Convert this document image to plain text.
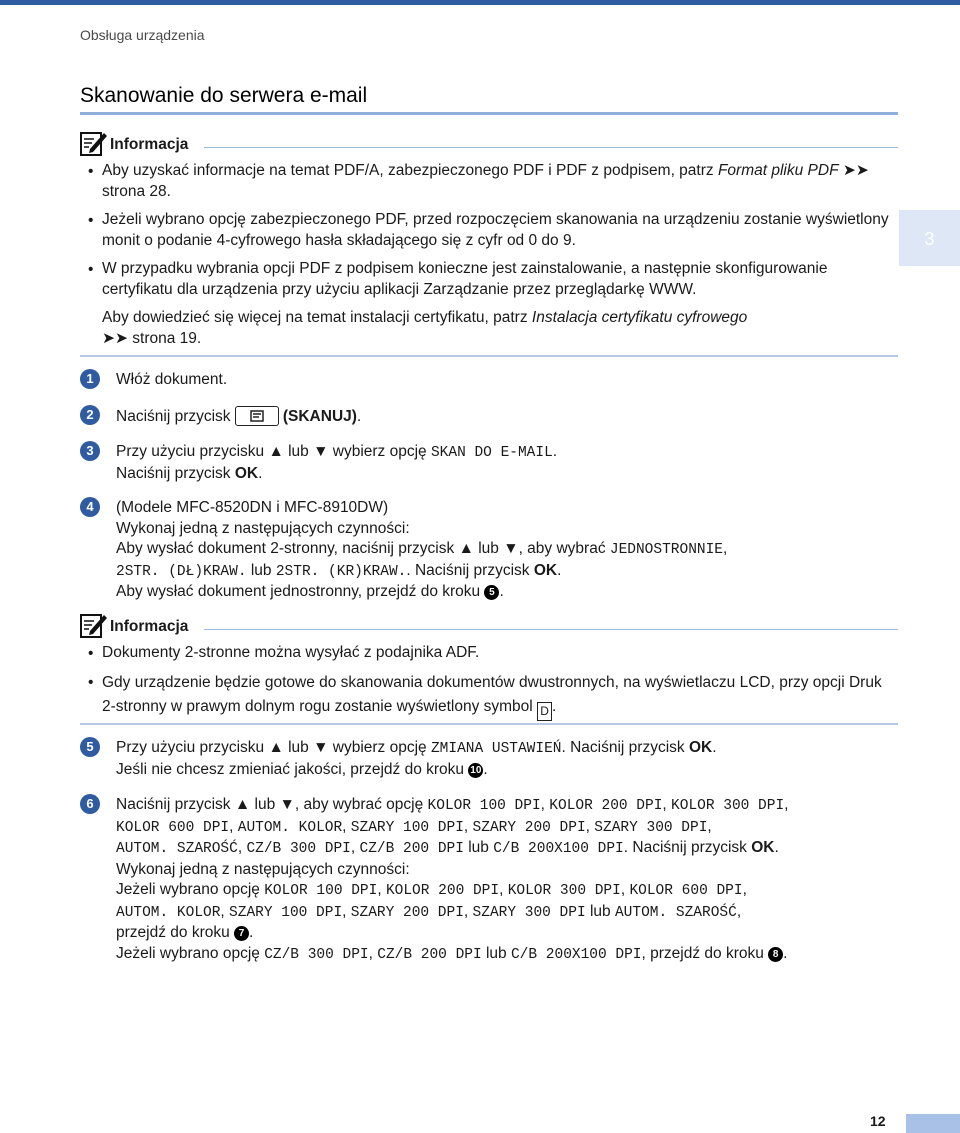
Obsługa urządzenia
Skanowanie do serwera e-mail
3
Informacja
• Aby uzyskać informacje na temat PDF/A, zabezpieczonego PDF i PDF z podpisem, patrz Format pliku PDF ➤➤ strona 28.
• Jeżeli wybrano opcję zabezpieczonego PDF, przed rozpoczęciem skanowania na urządzeniu zostanie wyświetlony monit o podanie 4-cyfrowego hasła składającego się z cyfr od 0 do 9.
• W przypadku wybrania opcji PDF z podpisem konieczne jest zainstalowanie, a następnie skonfigurowanie certyfikatu dla urządzenia przy użyciu aplikacji Zarządzanie przez przeglądarkę WWW.
Aby dowiedzieć się więcej na temat instalacji certyfikatu, patrz Instalacja certyfikatu cyfrowego
➤➤ strona 19.
1	Włóż dokument.
2	Naciśnij przycisk	(SKANUJ).
3	Przy użyciu przycisku ▲ lub ▼ wybierz opcję SKAN DO E-MAIL.
Naciśnij przycisk OK.
4	(Modele MFC-8520DN i MFC-8910DW)
Wykonaj jedną z następujących czynności:
Aby wysłać dokument 2-stronny, naciśnij przycisk ▲ lub ▼, aby wybrać JEDNOSTRONNIE,
2STR. (DŁ)KRAW. lub 2STR. (KR)KRAW.. Naciśnij przycisk OK.
Aby wysłać dokument jednostronny, przejdź do kroku 5 .
Informacja
• Dokumenty 2-stronne można wysyłać z podajnika ADF.
• Gdy urządzenie będzie gotowe do skanowania dokumentów dwustronnych, na wyświetlaczu LCD, przy opcji Druk 2-stronny w prawym dolnym rogu zostanie wyświetlony symbol D .
5	Przy użyciu przycisku ▲ lub ▼ wybierz opcję ZMIANA USTAWIEŃ. Naciśnij przycisk OK.
Jeśli nie chcesz zmieniać jakości, przejdź do kroku 10 .
6	Naciśnij przycisk ▲ lub ▼, aby wybrać opcję KOLOR 100 DPI, KOLOR 200 DPI, KOLOR 300 DPI,
KOLOR 600 DPI, AUTOM. KOLOR, SZARY 100 DPI, SZARY 200 DPI, SZARY 300 DPI,
AUTOM. SZAROŚĆ, CZ/B 300 DPI, CZ/B 200 DPI lub C/B 200X100 DPI. Naciśnij przycisk OK.
Wykonaj jedną z następujących czynności:
Jeżeli wybrano opcję KOLOR 100 DPI, KOLOR 200 DPI, KOLOR 300 DPI, KOLOR 600 DPI,
AUTOM. KOLOR, SZARY 100 DPI, SZARY 200 DPI, SZARY 300 DPI lub AUTOM. SZAROŚĆ,
przejdź do kroku 7 .
Jeżeli wybrano opcję CZ/B 300 DPI, CZ/B 200 DPI lub C/B 200X100 DPI, przejdź do kroku 8 .
12
